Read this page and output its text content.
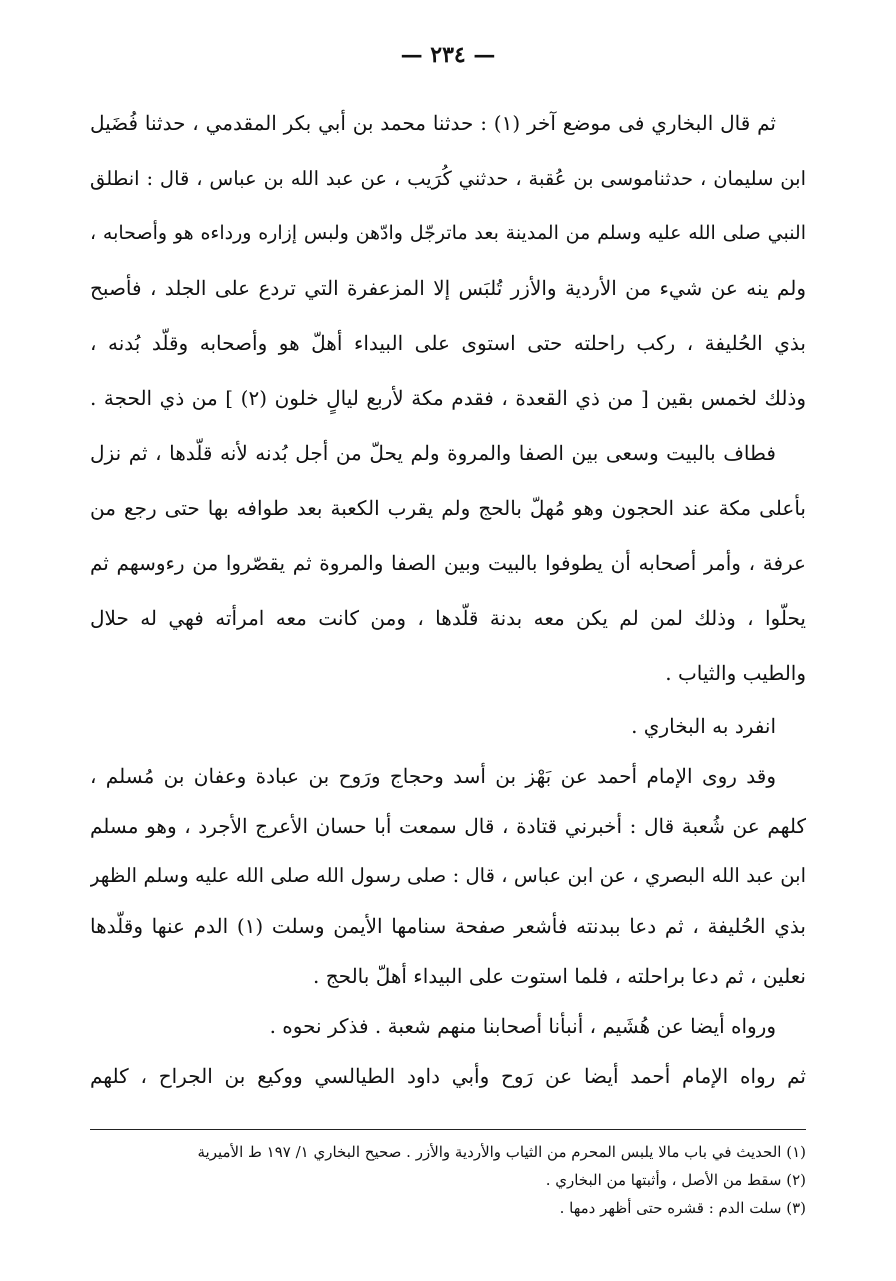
— ٢٣٤ —
ثم قال البخاري فى موضع آخر (١) : حدثنا محمد بن أبي بكر المقدمي ، حدثنا فُضَيل
ابن سليمان ، حدثناموسى بن عُقبة ، حدثني كُرَيب ، عن عبد الله بن عباس ، قال : انطلق
النبي صلى الله عليه وسلم من المدينة بعد ماترجّل وادّهن ولبس إزاره ورداءه هو وأصحابه ،
ولم ينه عن شيء من الأردية والأزر تُلبَس إلا المزعفرة التي تردع على الجلد ، فأصبح
بذي الحُليفة ، ركب راحلته حتى استوى على البيداء أهلّ هو وأصحابه وقلّد بُدنه ،
وذلك لخمس بقين [ من ذي القعدة ، فقدم مكة لأربع ليالٍ خلون (٢) ] من ذي الحجة .
فطاف بالبيت وسعى بين الصفا والمروة ولم يحلّ من أجل بُدنه لأنه قلّدها ، ثم نزل
بأعلى مكة عند الحجون وهو مُهلّ بالحج ولم يقرب الكعبة بعد طوافه بها حتى رجع من
عرفة ، وأمر أصحابه أن يطوفوا بالبيت وبين الصفا والمروة ثم يقصّروا من رءوسهم ثم
يحلّوا ، وذلك لمن لم يكن معه بدنة قلّدها ، ومن كانت معه امرأته فهي له حلال
والطيب والثياب .
انفرد به البخاري .
وقد روى الإمام أحمد عن بَهْز بن أسد وحجاج ورَوح بن عبادة وعفان بن مُسلم ،
كلهم عن شُعبة قال : أخبرني قتادة ، قال سمعت أبا حسان الأعرج الأجرد ، وهو مسلم
ابن عبد الله البصري ، عن ابن عباس ، قال : صلى رسول الله صلى الله عليه وسلم الظهر
بذي الحُليفة ، ثم دعا ببدنته فأشعر صفحة سنامها الأيمن وسلت (١) الدم عنها وقلّدها
نعلين ، ثم دعا براحلته ، فلما استوت على البيداء أهلّ بالحج .
ورواه أيضا عن هُشَيم ، أنبأنا أصحابنا منهم شعبة . فذكر نحوه .
ثم رواه الإمام أحمد أيضا عن رَوح وأبي داود الطيالسي ووكيع بن الجراح ، كلهم
(١) الحديث في باب مالا يلبس المحرم من الثياب والأردية والأزر . صحيح البخاري ١/ ١٩٧ ط الأميرية
(٢) سقط من الأصل ، وأثبتها من البخاري .
(٣) سلت الدم : قشره حتى أظهر دمها .
